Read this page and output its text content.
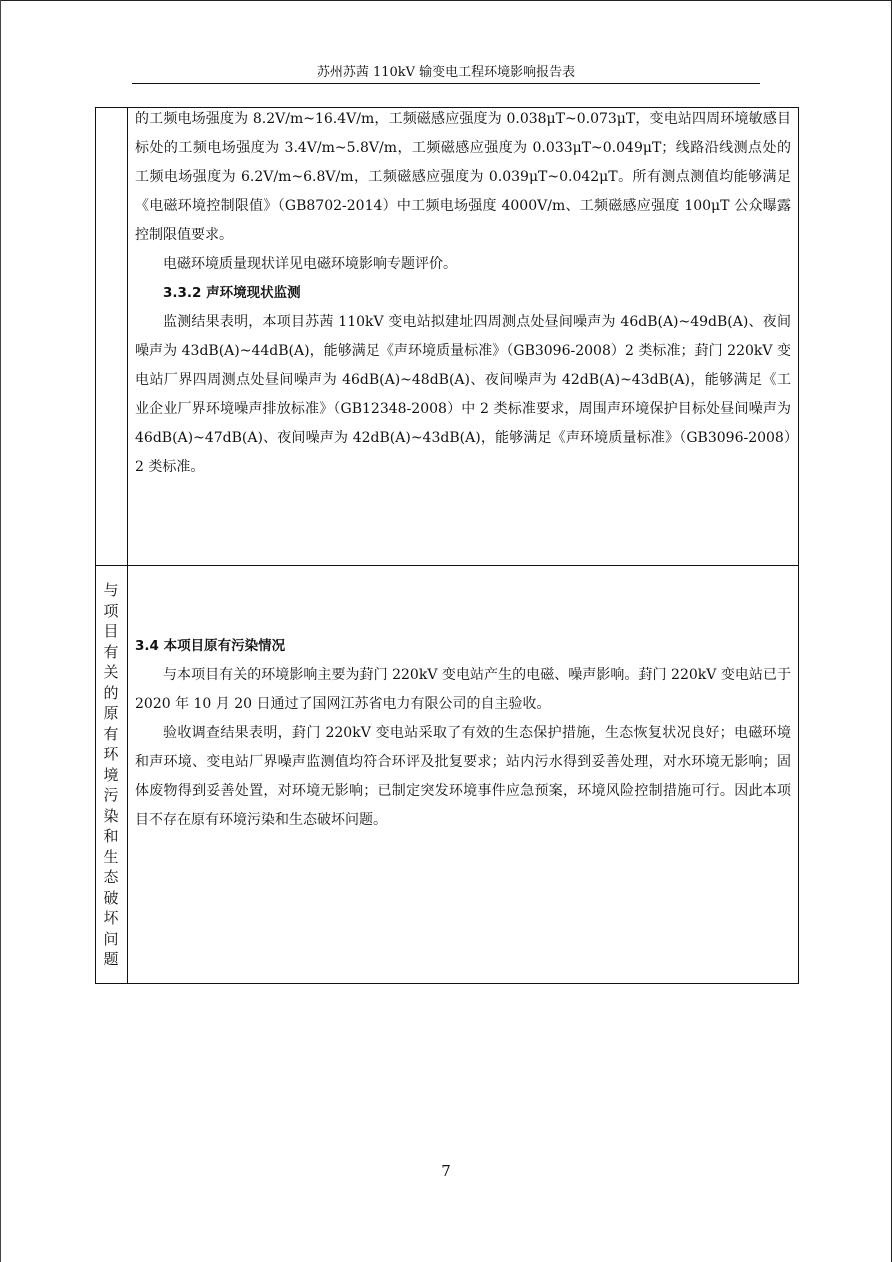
苏州苏茜 110kV 输变电工程环境影响报告表

的工频电场强度为 8.2V/m~16.4V/m，工频磁感应强度为 0.038μT~0.073μT，变电站四周环境敏感目标处的工频电场强度为 3.4V/m~5.8V/m，工频磁感应强度为 0.033μT~0.049μT；线路沿线测点处的工频电场强度为 6.2V/m~6.8V/m，工频磁感应强度为 0.039μT~0.042μT。所有测点测值均能够满足《电磁环境控制限值》（GB8702-2014）中工频电场强度 4000V/m、工频磁感应强度 100μT 公众曝露控制限值要求。

电磁环境质量现状详见电磁环境影响专题评价。

3.3.2 声环境现状监测

监测结果表明，本项目苏茜 110kV 变电站拟建址四周测点处昼间噪声为 46dB(A)~49dB(A)、夜间噪声为 43dB(A)~44dB(A)，能够满足《声环境质量标准》（GB3096-2008）2 类标准；葑门 220kV 变电站厂界四周测点处昼间噪声为 46dB(A)~48dB(A)、夜间噪声为 42dB(A)~43dB(A)，能够满足《工业企业厂界环境噪声排放标准》（GB12348-2008）中 2 类标准要求，周围声环境保护目标处昼间噪声为 46dB(A)~47dB(A)、夜间噪声为 42dB(A)~43dB(A)，能够满足《声环境质量标准》（GB3096-2008）2 类标准。

与
项
目
有
关
的
原
有
环
境
污
染
和
生
态
破
坏
问
题

3.4 本项目原有污染情况

与本项目有关的环境影响主要为葑门 220kV 变电站产生的电磁、噪声影响。葑门 220kV 变电站已于 2020 年 10 月 20 日通过了国网江苏省电力有限公司的自主验收。

验收调查结果表明，葑门 220kV 变电站采取了有效的生态保护措施，生态恢复状况良好；电磁环境和声环境、变电站厂界噪声监测值均符合环评及批复要求；站内污水得到妥善处理，对水环境无影响；固体废物得到妥善处置，对环境无影响；已制定突发环境事件应急预案，环境风险控制措施可行。因此本项目不存在原有环境污染和生态破坏问题。

7
